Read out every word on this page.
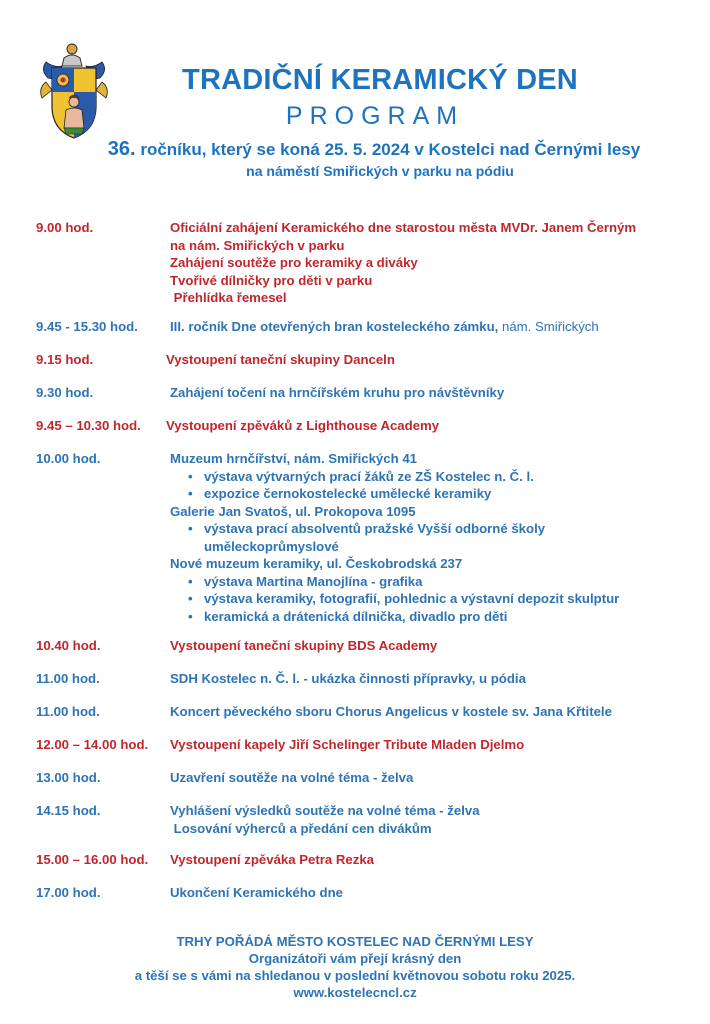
TRADIČNÍ KERAMICKÝ DEN
PROGRAM
36. ročníku, který se koná 25. 5. 2024 v Kostelci nad Černými lesy
na náměstí Smiřických v parku na pódiu
9.00 hod.	Oficiální zahájení Keramického dne starostou města MVDr. Janem Černým
na nám. Smiřických v parku
Zahájení soutěže pro keramiky a diváky
Tvořivé dílničky pro děti v parku
Přehlídka řemesel
9.45 - 15.30 hod. III. ročník Dne otevřených bran kosteleckého zámku, nám. Smiřických
9.15 hod.	Vystoupení taneční skupiny Danceln
9.30 hod.	Zahájení točení na hrnčířském kruhu pro návštěvníky
9.45 – 10.30 hod. Vystoupení zpěváků z Lighthouse Academy
10.00 hod.	Muzeum hrnčířství, nám. Smiřických 41
• výstava výtvarných prací žáků ze ZŠ Kostelec n. Č. l.
• expozice černokostelecké umělecké keramiky
Galerie Jan Svatoš, ul. Prokopova 1095
• výstava prací absolventů pražské Vyšší odborné školy
uměleckoprůmyslové
Nové muzeum keramiky, ul. Českobrodská 237
• výstava Martina Manojlína - grafika
• výstava keramiky, fotografií, pohlednic a výstavní depozit skulptur
• keramická a drátenická dílnička, divadlo pro děti
10.40 hod.	Vystoupení taneční skupiny BDS Academy
11.00 hod.	SDH Kostelec n. Č. l. - ukázka činnosti přípravky, u pódia
11.00 hod.	Koncert pěveckého sboru Chorus Angelicus v kostele sv. Jana Křtitele
12.00 – 14.00 hod. Vystoupení kapely Jiří Schelinger Tribute Mladen Djelmo
13.00 hod.	Uzavření soutěže na volné téma - želva
14.15 hod.	Vyhlášení výsledků soutěže na volné téma - želva
Losování výherců a předání cen divákům
15.00 – 16.00 hod. Vystoupení zpěváka Petra Rezka
17.00 hod.	Ukončení Keramického dne
TRHY POŘÁDÁ MĚSTO KOSTELEC NAD ČERNÝMI LESY
Organizátoři vám přejí krásný den
a těší se s vámi na shledanou v poslední květnovou sobotu roku 2025.
www.kostelecncl.cz
